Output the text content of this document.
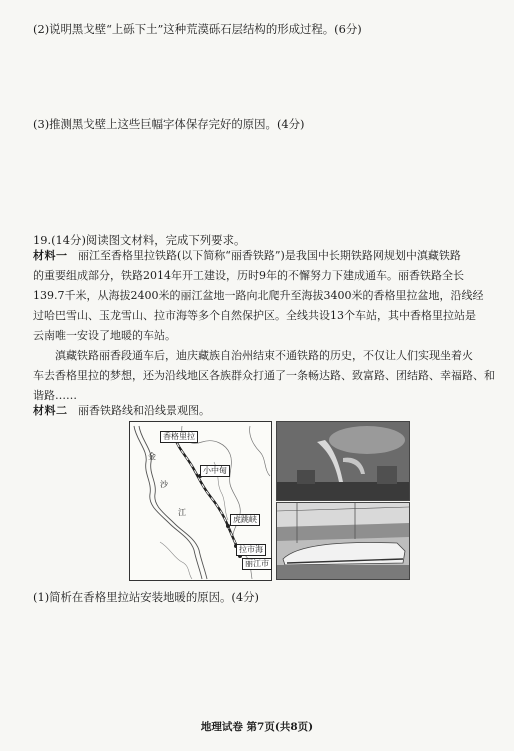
(2)说明黑戈壁“上砾下土”这种荒漠砾石层结构的形成过程。(6分)
(3)推测黑戈壁上这些巨幅字体保存完好的原因。(4分)
19.(14分)阅读图文材料，完成下列要求。
材料一 丽江至香格里拉铁路(以下简称“丽香铁路”)是我国中长期铁路网规划中滇藏铁路
的重要组成部分，铁路2014年开工建设，历时9年的不懈努力下建成通车。丽香铁路全长
139.7千米，从海拔2400米的丽江盆地一路向北爬升至海拔3400米的香格里拉盆地，沿线经
过哈巴雪山、玉龙雪山、拉市海等多个自然保护区。全线共设13个车站，其中香格里拉站是
云南唯一安设了地暖的车站。
滇藏铁路丽香段通车后，迪庆藏族自治州结束不通铁路的历史，不仅让人们实现坐着火
车去香格里拉的梦想，还为沿线地区各族群众打通了一条畅达路、致富路、团结路、幸福路、和
谐路……
材料二 丽香铁路线和沿线景观图。
香格里拉
小中甸
虎跳峡
拉市海
丽江市
金
沙
江
(1)简析在香格里拉站安装地暖的原因。(4分)
地理试卷 第7页(共8页)
